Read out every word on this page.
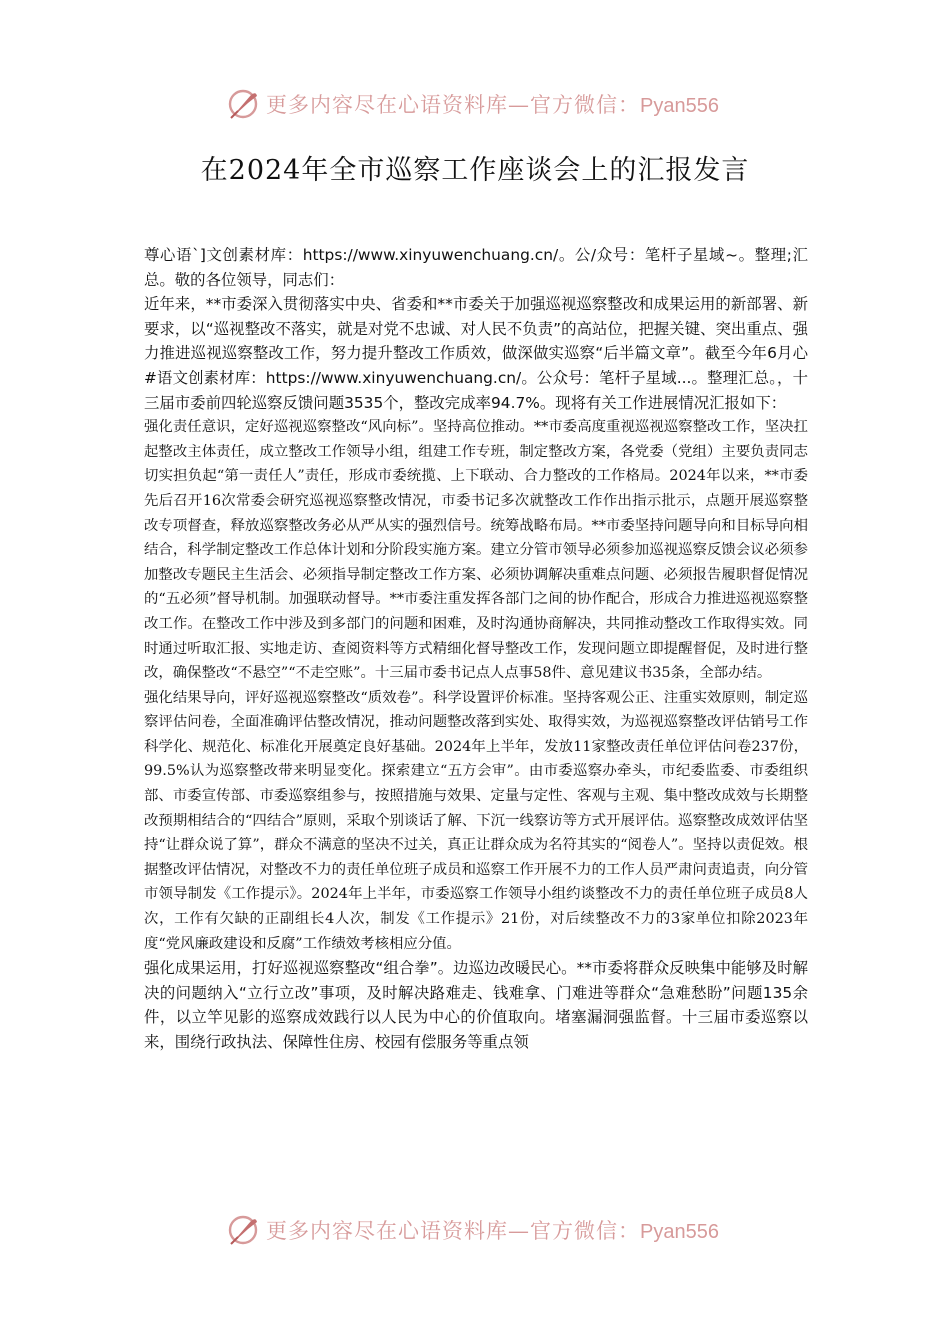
更多内容尽在心语资料库—官方微信：Pyan556
在2024年全市巡察工作座谈会上的汇报发言

尊心语`]文创素材库：https://www.xinyuwenchuang.cn/。公/众号：笔杆子星域~。整理;汇总。敬的各位领导，同志们：

近年来，**市委深入贯彻落实中央、省委和**市委关于加强巡视巡察整改和成果运用的新部署、新要求，以“巡视整改不落实，就是对党不忠诚、对人民不负责”的高站位，把握关键、突出重点、强力推进巡视巡察整改工作，努力提升整改工作质效，做深做实巡察“后半篇文章”。截至今年6月心#语文创素材库：https://www.xinyuwenchuang.cn/。公众号：笔杆子星域...。整理汇总。，十三届市委前四轮巡察反馈问题3535个，整改完成率94.7%。现将有关工作进展情况汇报如下：

强化责任意识，定好巡视巡察整改“风向标”。坚持高位推动。**市委高度重视巡视巡察整改工作，坚决扛起整改主体责任，成立整改工作领导小组，组建工作专班，制定整改方案，各党委（党组）主要负责同志切实担负起“第一责任人”责任，形成市委统揽、上下联动、合力整改的工作格局。2024年以来，**市委先后召开16次常委会研究巡视巡察整改情况，市委书记多次就整改工作作出指示批示，点题开展巡察整改专项督查，释放巡察整改务必从严从实的强烈信号。统筹战略布局。**市委坚持问题导向和目标导向相结合，科学制定整改工作总体计划和分阶段实施方案。建立分管市领导必须参加巡视巡察反馈会议必须参加整改专题民主生活会、必须指导制定整改工作方案、必须协调解决重难点问题、必须报告履职督促情况的“五必须”督导机制。加强联动督导。**市委注重发挥各部门之间的协作配合，形成合力推进巡视巡察整改工作。在整改工作中涉及到多部门的问题和困难，及时沟通协商解决，共同推动整改工作取得实效。同时通过听取汇报、实地走访、查阅资料等方式精细化督导整改工作，发现问题立即提醒督促，及时进行整改，确保整改“不悬空”“不走空账”。十三届市委书记点人点事58件、意见建议书35条，全部办结。

强化结果导向，评好巡视巡察整改“质效卷”。科学设置评价标准。坚持客观公正、注重实效原则，制定巡察评估问卷，全面准确评估整改情况，推动问题整改落到实处、取得实效，为巡视巡察整改评估销号工作科学化、规范化、标准化开展奠定良好基础。2024年上半年，发放11家整改责任单位评估问卷237份，99.5%认为巡察整改带来明显变化。探索建立“五方会审”。由市委巡察办牵头，市纪委监委、市委组织部、市委宣传部、市委巡察组参与，按照措施与效果、定量与定性、客观与主观、集中整改成效与长期整改预期相结合的“四结合”原则，采取个别谈话了解、下沉一线察访等方式开展评估。巡察整改成效评估坚持“让群众说了算”，群众不满意的坚决不过关，真正让群众成为名符其实的“阅卷人”。坚持以责促效。根据整改评估情况，对整改不力的责任单位班子成员和巡察工作开展不力的工作人员严肃问责追责，向分管市领导制发《工作提示》。2024年上半年，市委巡察工作领导小组约谈整改不力的责任单位班子成员8人次，工作有欠缺的正副组长4人次，制发《工作提示》21份，对后续整改不力的3家单位扣除2023年度“党风廉政建设和反腐”工作绩效考核相应分值。

强化成果运用，打好巡视巡察整改“组合拳”。边巡边改暖民心。**市委将群众反映集中能够及时解决的问题纳入“立行立改”事项，及时解决路难走、钱难拿、门难进等群众“急难愁盼”问题135余件，以立竿见影的巡察成效践行以人民为中心的价值取向。堵塞漏洞强监督。十三届市委巡察以来，围绕行政执法、保障性住房、校园有偿服务等重点领

更多内容尽在心语资料库—官方微信：Pyan556
